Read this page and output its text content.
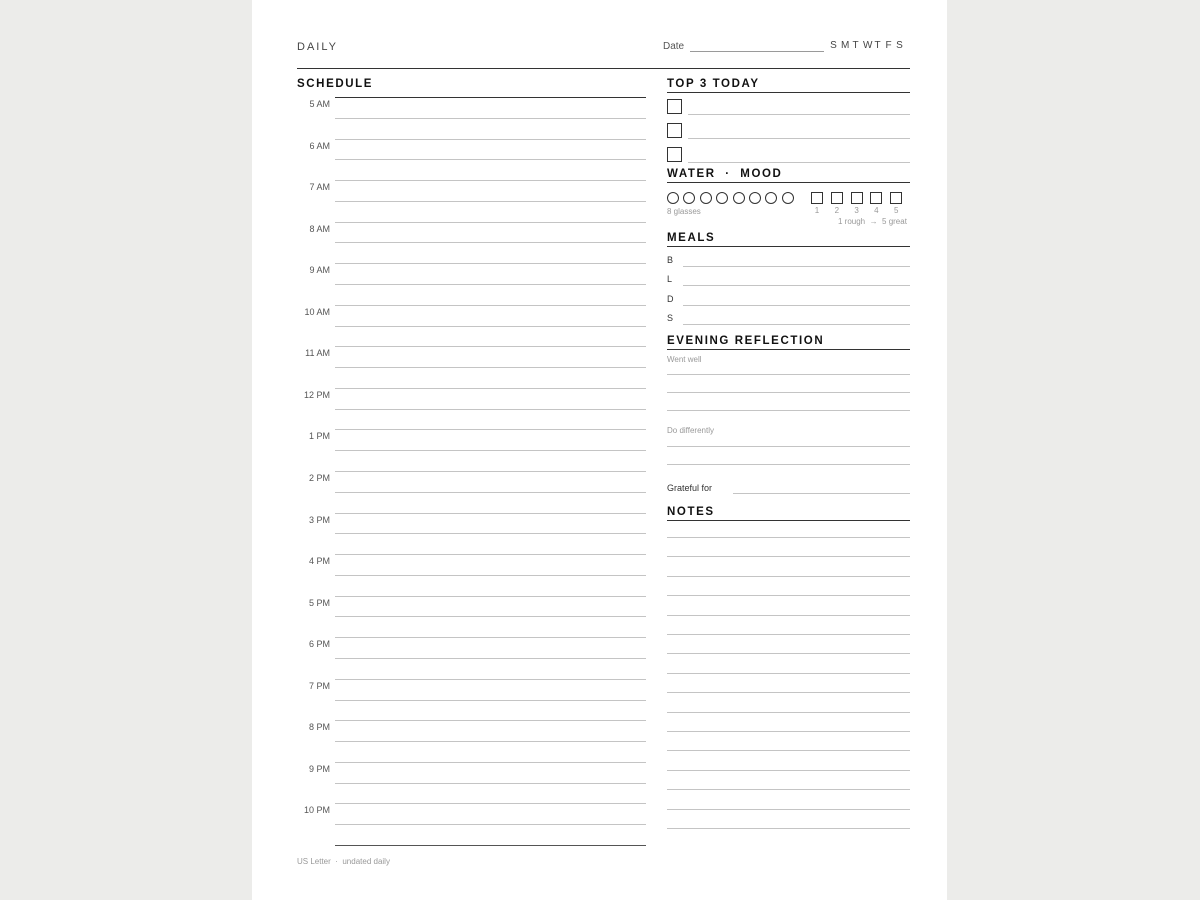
DAILY	Date	S M T W T F S
SCHEDULE
5 AM
6 AM
7 AM
8 AM
9 AM
10 AM
11 AM
12 PM
1 PM
2 PM
3 PM
4 PM
5 PM
6 PM
7 PM
8 PM
9 PM
10 PM
TOP 3 TODAY
WATER  ·  MOOD
8 glasses	1	2	3	4	5
1 rough  →  5 great
MEALS
B
L
D
S
EVENING REFLECTION
Went well
Do differently
Grateful for
NOTES
US Letter  ·  undated daily
